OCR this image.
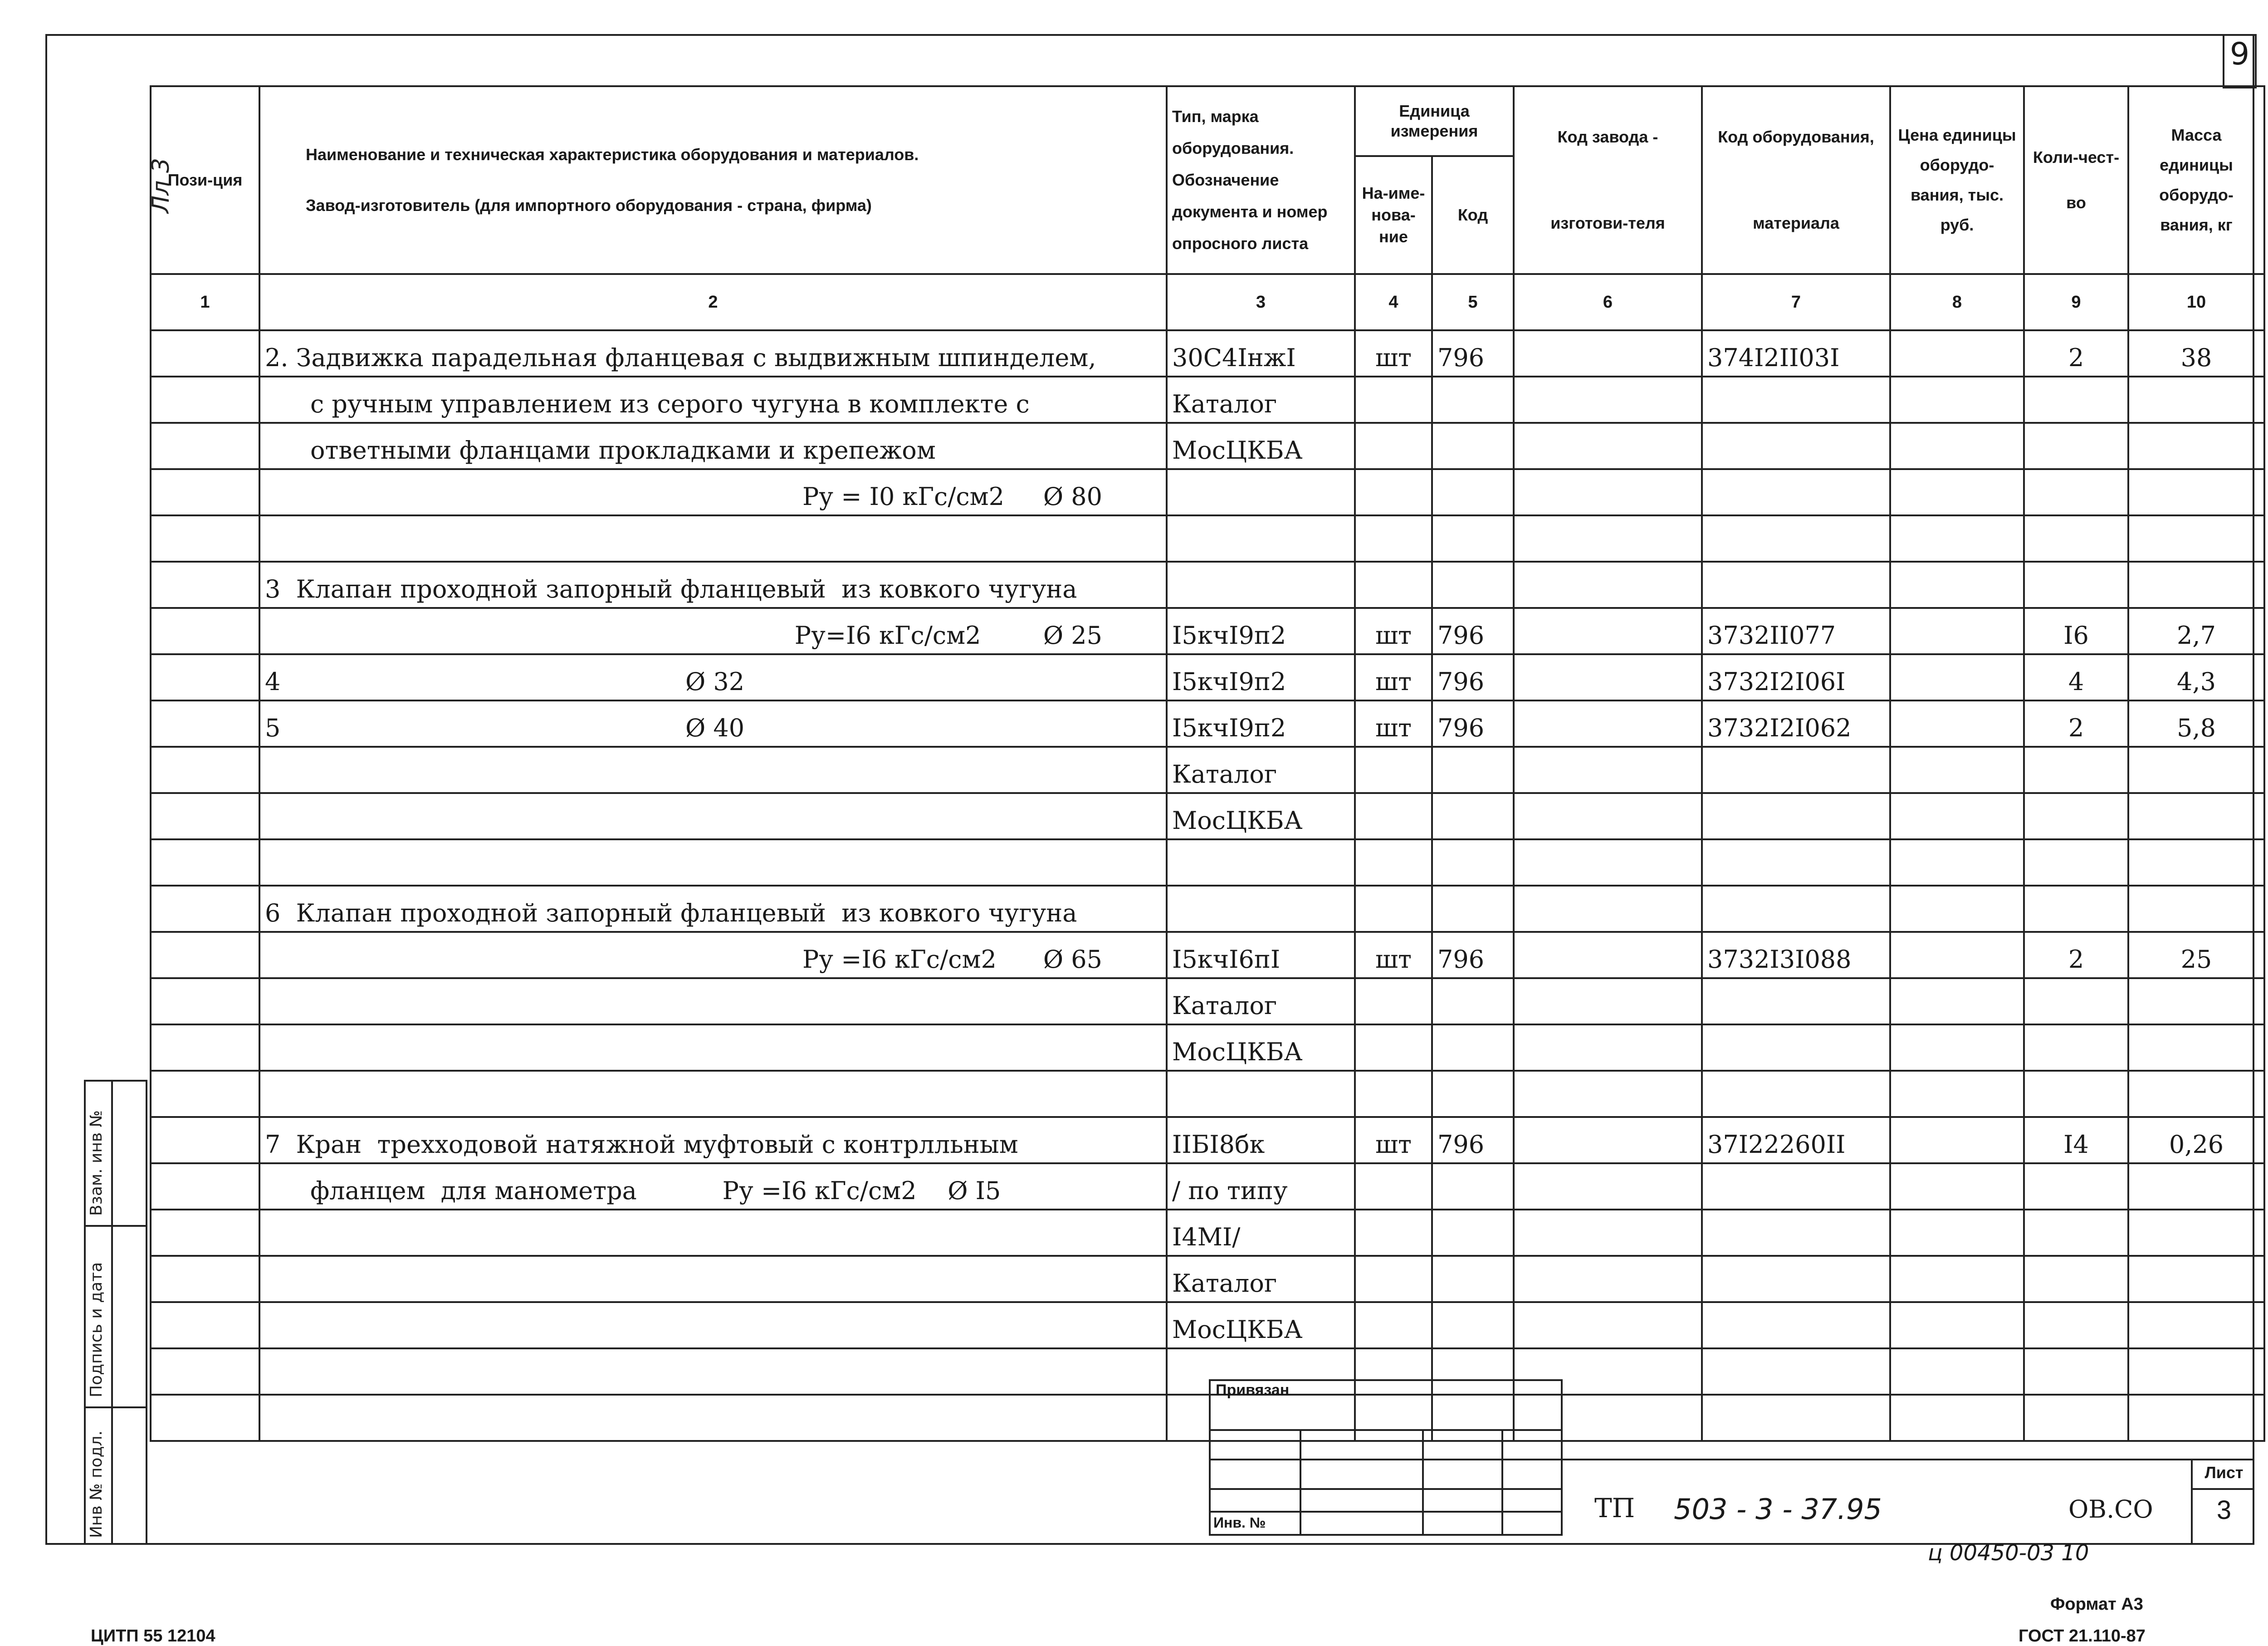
9
Лл 3
Пози-ция	Наименование и техническая характеристика оборудования и материалов.
Завод-изготовитель (для импортного оборудования - страна, фирма)	Тип, марка оборудования. Обозначение документа и номер опросного листа	Единица измерения		Код завода - изготови-теля	Код оборудования, материала	Цена единицы оборудо-вания, тыс. руб.	Коли-чест-во	Масса единицы оборудо-вания, кг
			На-име-нова-ние	Код					
1	2	3	4	5	6	7	8	9	10
	2. Задвижка парадельная фланцевая с выдвижным шпинделем,	30С4IнжI	шт	796		374I2II03I		2	38
	с ручным управлением из серого чугуна в комплекте с	Каталог							
	ответными фланцами прокладками и крепежом	МосЦКБА							
	Ру = I0 кГс/см2     Ø 80								

	3  Клапан проходной запорный фланцевый  из ковкого чугуна								
	Ру=I6 кГс/см2        Ø 25	I5кчI9п2	шт	796		3732II077		I6	2,7
	4                                                    Ø 32	I5кчI9п2	шт	796		3732I2I06I		4	4,3
	5                                                    Ø 40	I5кчI9п2	шт	796		3732I2I062		2	5,8
		Каталог							
		МосЦКБА							

	6  Клапан проходной запорный фланцевый  из ковкого чугуна								
	Ру =I6 кГс/см2      Ø 65	I5кчI6пI	шт	796		3732I3I088		2	25
		Каталог							
		МосЦКБА							

	7  Кран  трехходовой натяжной муфтовый с контрлльным	IIБI8бк	шт	796		37I22260II		I4	0,26
	фланцем  для манометра           Ру =I6 кГс/см2    Ø I5	/ по типу							
		I4МI/							
		Каталог							
		МосЦКБА							

Инв № подл.
Подпись и дата
Взам. инв №
Привязан
Инв. №	ТП 503 - 3 - 37.95	ОВ.СО
Лист
3
ц 00450-03 10
Формат А3
ГОСТ 21.110-87
ЦИТП 55 12104
